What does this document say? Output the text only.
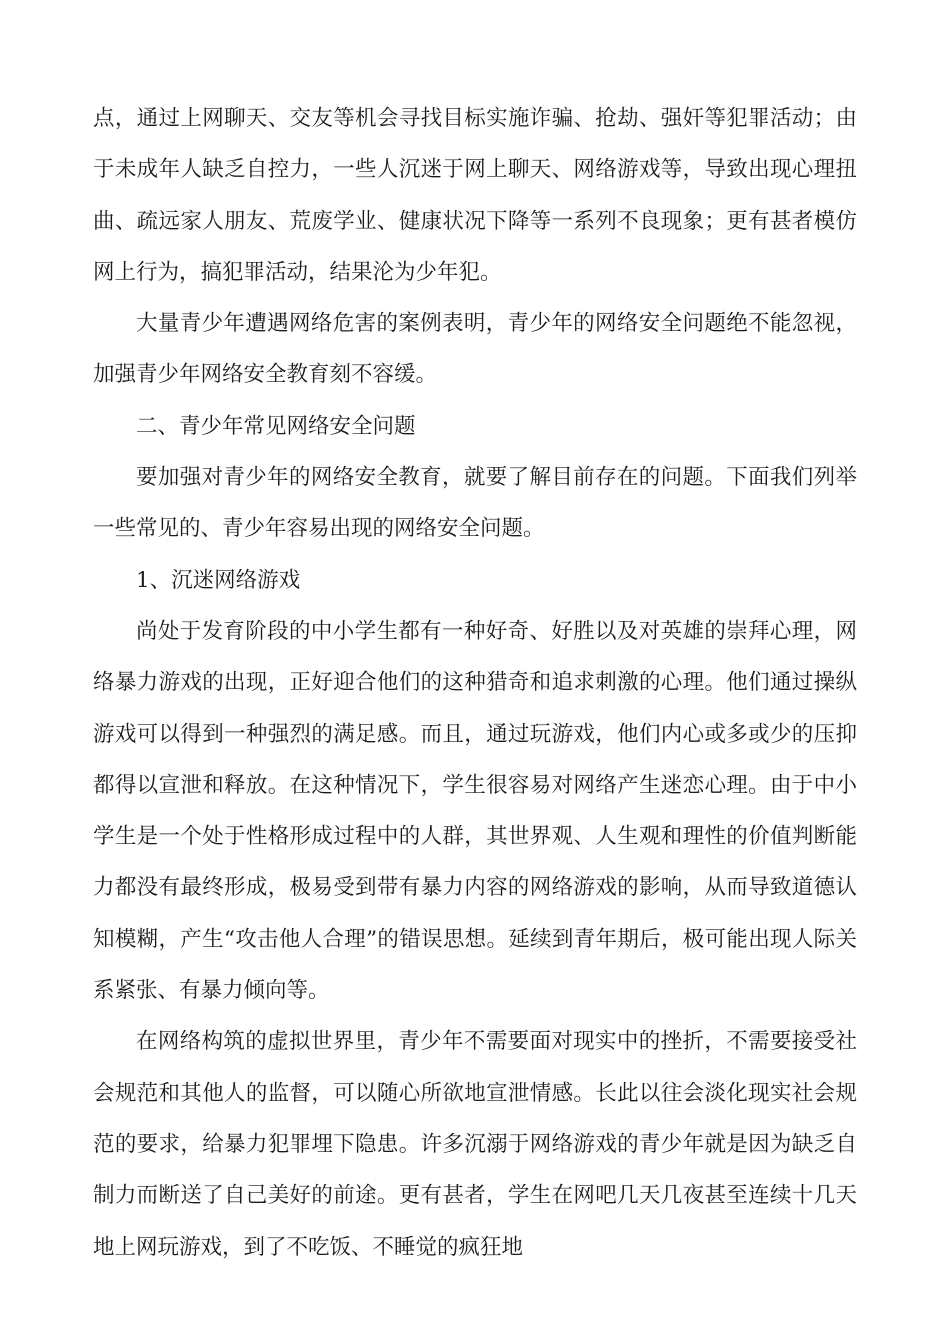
点，通过上网聊天、交友等机会寻找目标实施诈骗、抢劫、强奸等犯罪活动；由于未成年人缺乏自控力，一些人沉迷于网上聊天、网络游戏等，导致出现心理扭曲、疏远家人朋友、荒废学业、健康状况下降等一系列不良现象；更有甚者模仿网上行为，搞犯罪活动，结果沦为少年犯。

大量青少年遭遇网络危害的案例表明，青少年的网络安全问题绝不能忽视，加强青少年网络安全教育刻不容缓。

二、青少年常见网络安全问题

要加强对青少年的网络安全教育，就要了解目前存在的问题。下面我们列举一些常见的、青少年容易出现的网络安全问题。

1、沉迷网络游戏

尚处于发育阶段的中小学生都有一种好奇、好胜以及对英雄的崇拜心理，网络暴力游戏的出现，正好迎合他们的这种猎奇和追求刺激的心理。他们通过操纵游戏可以得到一种强烈的满足感。而且，通过玩游戏，他们内心或多或少的压抑都得以宣泄和释放。在这种情况下，学生很容易对网络产生迷恋心理。由于中小学生是一个处于性格形成过程中的人群，其世界观、人生观和理性的价值判断能力都没有最终形成，极易受到带有暴力内容的网络游戏的影响，从而导致道德认知模糊，产生“攻击他人合理”的错误思想。延续到青年期后，极可能出现人际关系紧张、有暴力倾向等。

在网络构筑的虚拟世界里，青少年不需要面对现实中的挫折，不需要接受社会规范和其他人的监督，可以随心所欲地宣泄情感。长此以往会淡化现实社会规范的要求，给暴力犯罪埋下隐患。许多沉溺于网络游戏的青少年就是因为缺乏自制力而断送了自己美好的前途。更有甚者，学生在网吧几天几夜甚至连续十几天地上网玩游戏，到了不吃饭、不睡觉的疯狂地
